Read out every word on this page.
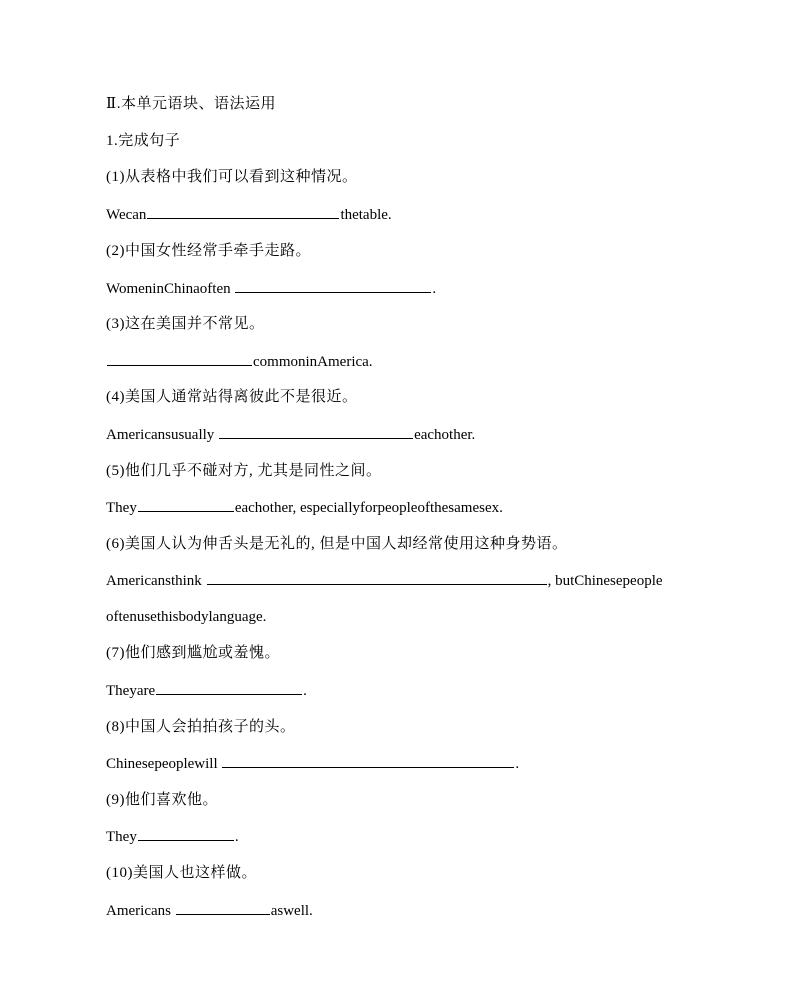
Ⅱ.本单元语块、语法运用
1.完成句子
(1)从表格中我们可以看到这种情况。
Wecan	thetable.
(2)中国女性经常手牵手走路。
WomeninChinaoften	.
(3)这在美国并不常见。
commoninAmerica.
(4)美国人通常站得离彼此不是很近。
Americansusually	eachother.
(5)他们几乎不碰对方, 尤其是同性之间。
They	eachother, especiallyforpeopleofthesamesex.
(6)美国人认为伸舌头是无礼的, 但是中国人却经常使用这种身势语。
Americansthink	, butChinesepeople
oftenusethisbodylanguage.
(7)他们感到尴尬或羞愧。
Theyare	.
(8)中国人会拍拍孩子的头。
Chinesepeoplewill	.
(9)他们喜欢他。
They	.
(10)美国人也这样做。
Americans	aswell.
